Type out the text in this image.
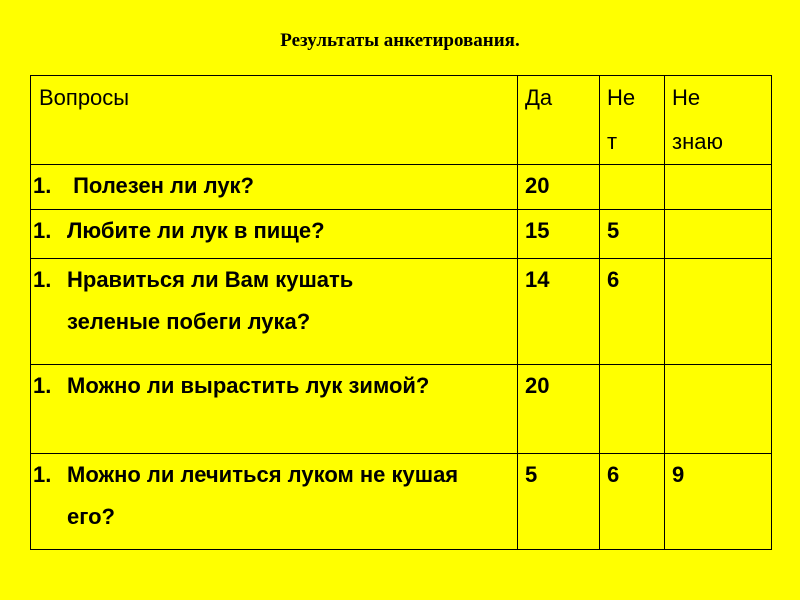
Результаты анкетирования.
Вопросы	Да	Не т	Не знаю

1. Полезен ли лук?	20		

1. Любите ли лук в пище?	15	5	

1. Нравиться ли Вам кушать зеленые побеги лука?	14	6	

1. Можно ли вырастить лук зимой?	20		

1. Можно ли лечиться луком не кушая его?	5	6	9
